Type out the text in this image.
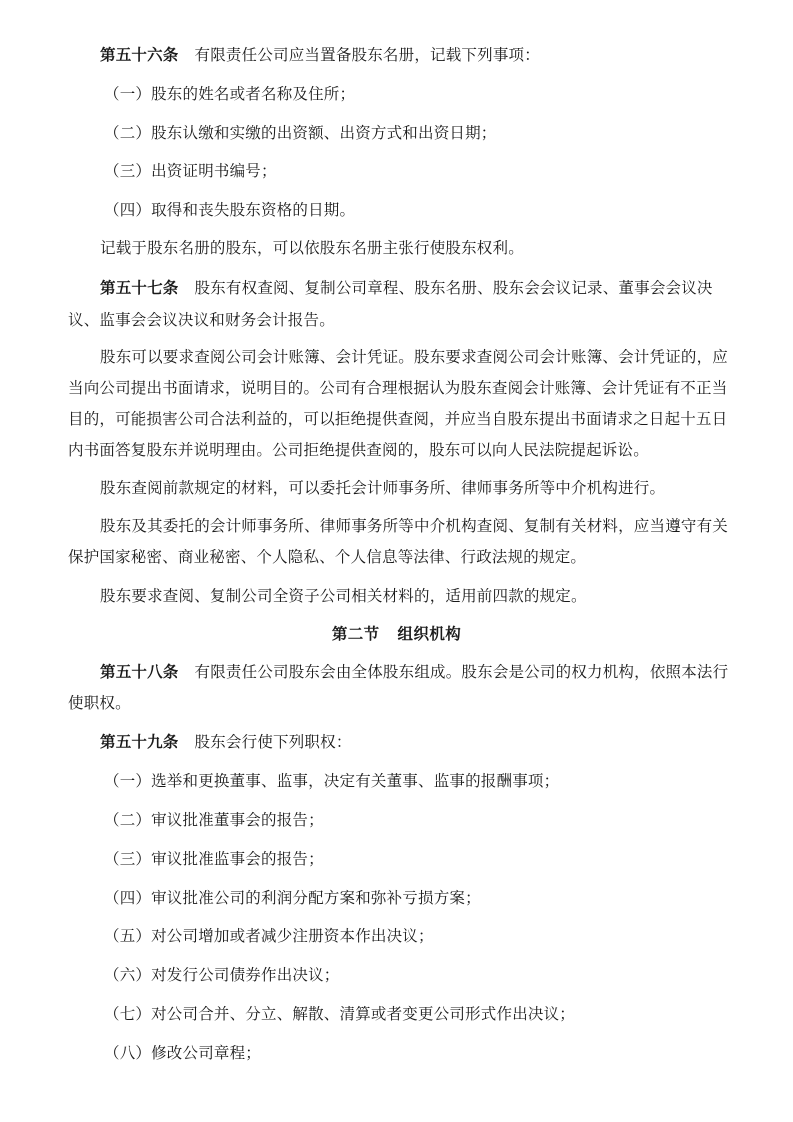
第五十六条 有限责任公司应当置备股东名册，记载下列事项：
（一）股东的姓名或者名称及住所；
（二）股东认缴和实缴的出资额、出资方式和出资日期；
（三）出资证明书编号；
（四）取得和丧失股东资格的日期。
记载于股东名册的股东，可以依股东名册主张行使股东权利。
第五十七条 股东有权查阅、复制公司章程、股东名册、股东会会议记录、董事会会议决
议、监事会会议决议和财务会计报告。
股东可以要求查阅公司会计账簿、会计凭证。股东要求查阅公司会计账簿、会计凭证的，应
当向公司提出书面请求，说明目的。公司有合理根据认为股东查阅会计账簿、会计凭证有不正当
目的，可能损害公司合法利益的，可以拒绝提供查阅，并应当自股东提出书面请求之日起十五日
内书面答复股东并说明理由。公司拒绝提供查阅的，股东可以向人民法院提起诉讼。
股东查阅前款规定的材料，可以委托会计师事务所、律师事务所等中介机构进行。
股东及其委托的会计师事务所、律师事务所等中介机构查阅、复制有关材料，应当遵守有关
保护国家秘密、商业秘密、个人隐私、个人信息等法律、行政法规的规定。
股东要求查阅、复制公司全资子公司相关材料的，适用前四款的规定。
第二节 组织机构
第五十八条 有限责任公司股东会由全体股东组成。股东会是公司的权力机构，依照本法行
使职权。
第五十九条 股东会行使下列职权：
（一）选举和更换董事、监事，决定有关董事、监事的报酬事项；
（二）审议批准董事会的报告；
（三）审议批准监事会的报告；
（四）审议批准公司的利润分配方案和弥补亏损方案；
（五）对公司增加或者减少注册资本作出决议；
（六）对发行公司债券作出决议；
（七）对公司合并、分立、解散、清算或者变更公司形式作出决议；
（八）修改公司章程；
